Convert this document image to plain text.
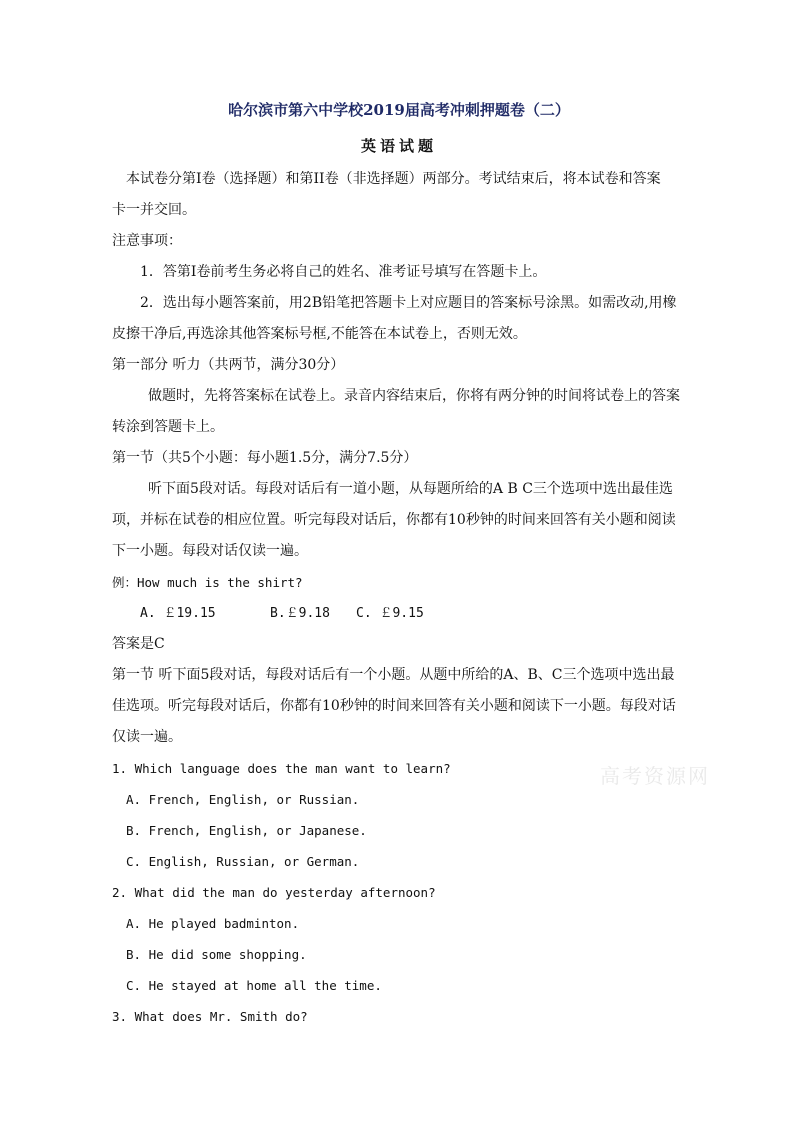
高考资源网
哈尔滨市第六中学校2019届高考冲刺押题卷（二）
英语试题

本试卷分第Ⅰ卷（选择题）和第II卷（非选择题）两部分。考试结束后，将本试卷和答案

卡一并交回。

注意事项：

1．答第Ⅰ卷前考生务必将自己的姓名、准考证号填写在答题卡上。

2．选出每小题答案前，用2B铅笔把答题卡上对应题目的答案标号涂黑。如需改动,用橡

皮擦干净后,再选涂其他答案标号框,不能答在本试卷上，否则无效。

第一部分 听力（共两节，满分30分）

做题时，先将答案标在试卷上。录音内容结束后，你将有两分钟的时间将试卷上的答案

转涂到答题卡上。

第一节（共5个小题：每小题1.5分，满分7.5分）

听下面5段对话。每段对话后有一道小题，从每题所给的A B C三个选项中选出最佳选

项，并标在试卷的相应位置。听完每段对话后，你都有10秒钟的时间来回答有关小题和阅读

下一小题。每段对话仅读一遍。

例：How much is the shirt?

A. ￡19.15	B.￡9.18	C. ￡9.15

答案是C

第一节 听下面5段对话，每段对话后有一个小题。从题中所给的A、B、C三个选项中选出最

佳选项。听完每段对话后，你都有10秒钟的时间来回答有关小题和阅读下一小题。每段对话

仅读一遍。

1. Which language does the man want to learn?

A. French, English, or Russian.

B. French, English, or Japanese.

C. English, Russian, or German.

2. What did the man do yesterday afternoon?

A. He played badminton.

B. He did some shopping.

C. He stayed at home all the time.

3. What does Mr. Smith do?
